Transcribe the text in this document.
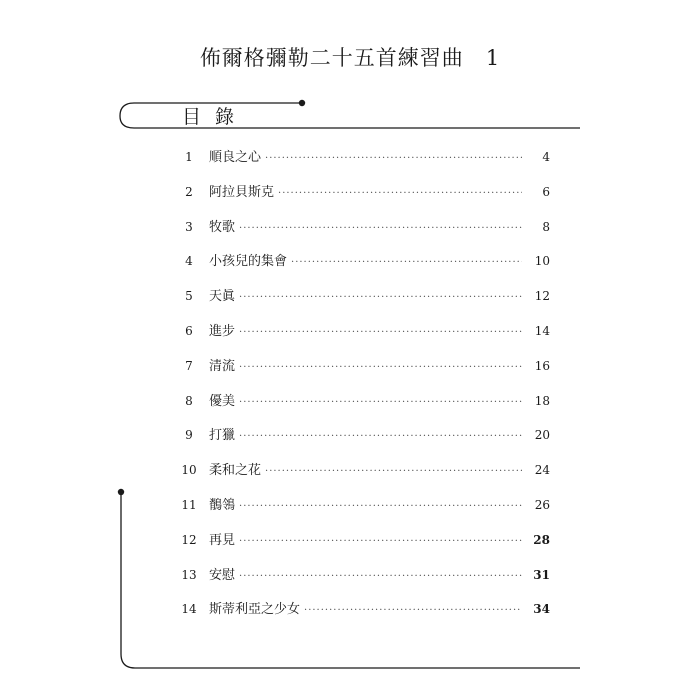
佈爾格彌勒二十五首練習曲 1
目錄
1	順良之心 ·····	4
2	阿拉貝斯克 ·····	6
3	牧歌 ·····	8
4	小孩兒的集會 ·····	10
5	天眞 ·····	12
6	進步 ·····	14
7	清流 ·····	16
8	優美 ·····	18
9	打獵 ·····	20
10 柔和之花 ·····	24
11 鶺鴒 ·····	26
12 再見 ·····	28
13 安慰 ·····	31
14 斯蒂利亞之少女 ·····	34
